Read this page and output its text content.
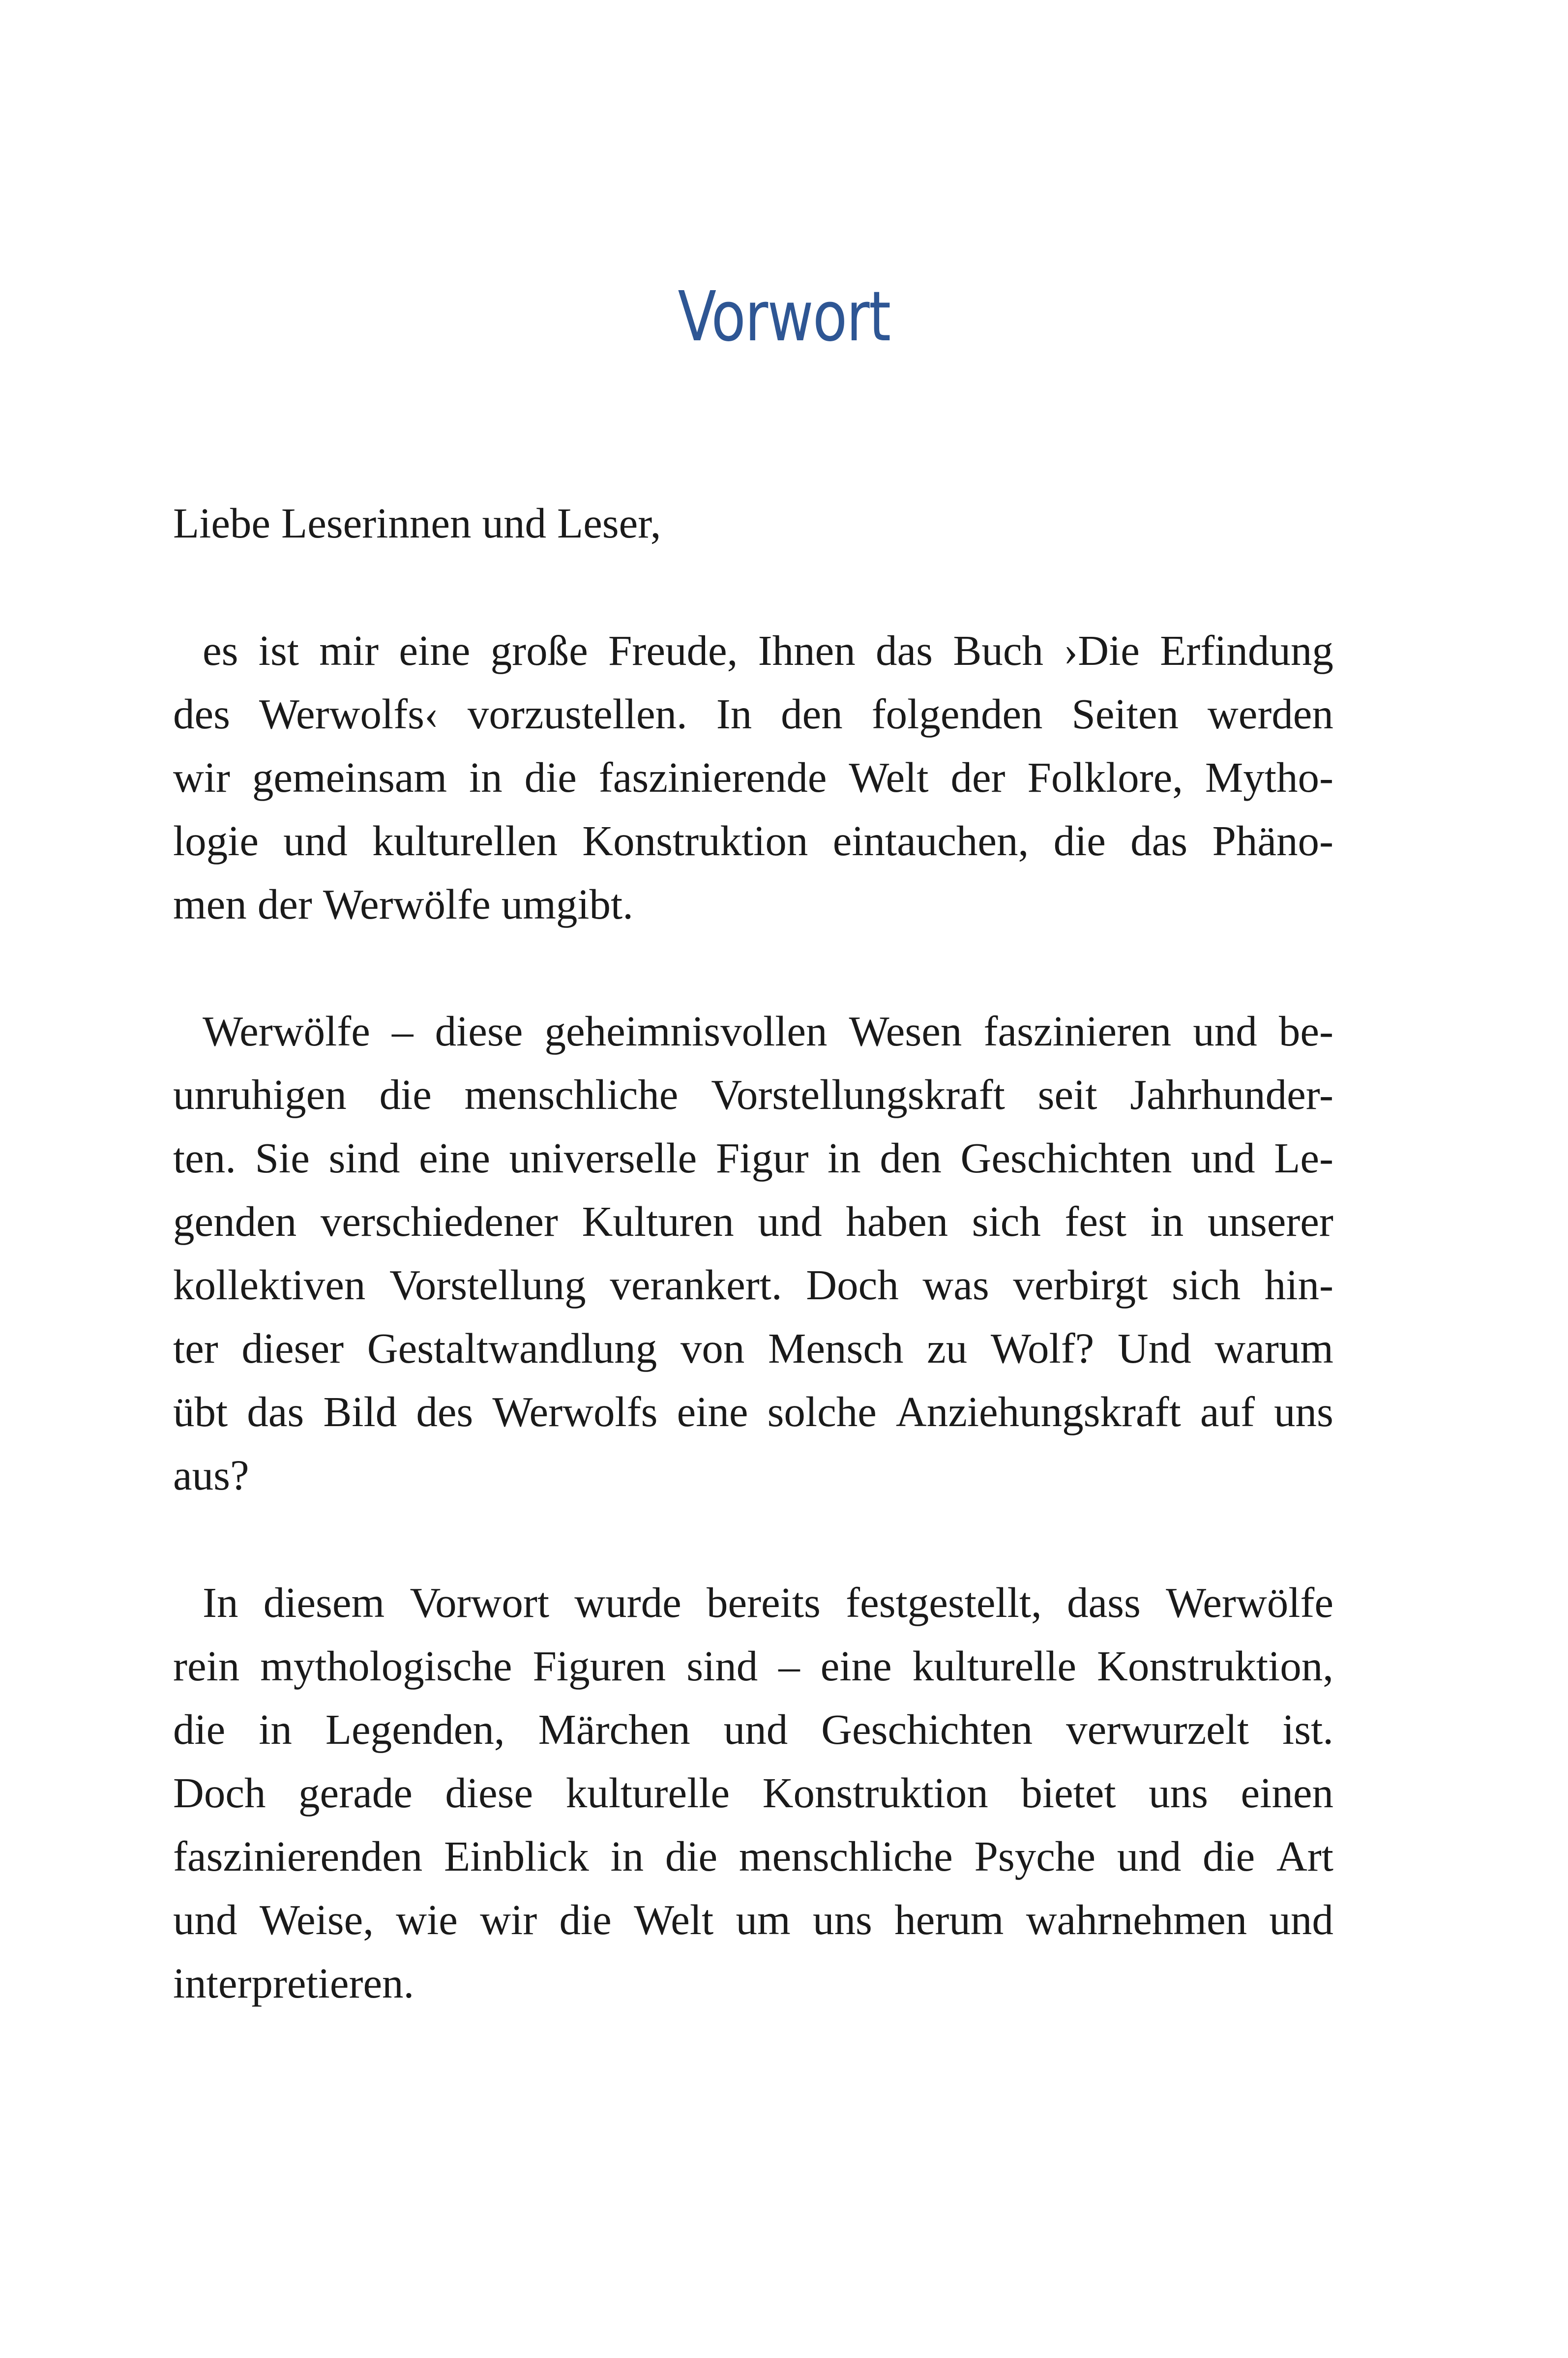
Vorwort
Liebe Leserinnen und Leser,
es ist mir eine große Freude, Ihnen das Buch ›Die Erfindung
des Werwolfs‹ vorzustellen. In den folgenden Seiten werden
wir gemeinsam in die faszinierende Welt der Folklore, Mytho-
logie und kulturellen Konstruktion eintauchen, die das Phäno-
men der Werwölfe umgibt.
Werwölfe – diese geheimnisvollen Wesen faszinieren und be-
unruhigen die menschliche Vorstellungskraft seit Jahrhunder-
ten. Sie sind eine universelle Figur in den Geschichten und Le-
genden verschiedener Kulturen und haben sich fest in unserer
kollektiven Vorstellung verankert. Doch was verbirgt sich hin-
ter dieser Gestaltwandlung von Mensch zu Wolf? Und warum
übt das Bild des Werwolfs eine solche Anziehungskraft auf uns
aus?
In diesem Vorwort wurde bereits festgestellt, dass Werwölfe
rein mythologische Figuren sind – eine kulturelle Konstruktion,
die in Legenden, Märchen und Geschichten verwurzelt ist.
Doch gerade diese kulturelle Konstruktion bietet uns einen
faszinierenden Einblick in die menschliche Psyche und die Art
und Weise, wie wir die Welt um uns herum wahrnehmen und
interpretieren.
